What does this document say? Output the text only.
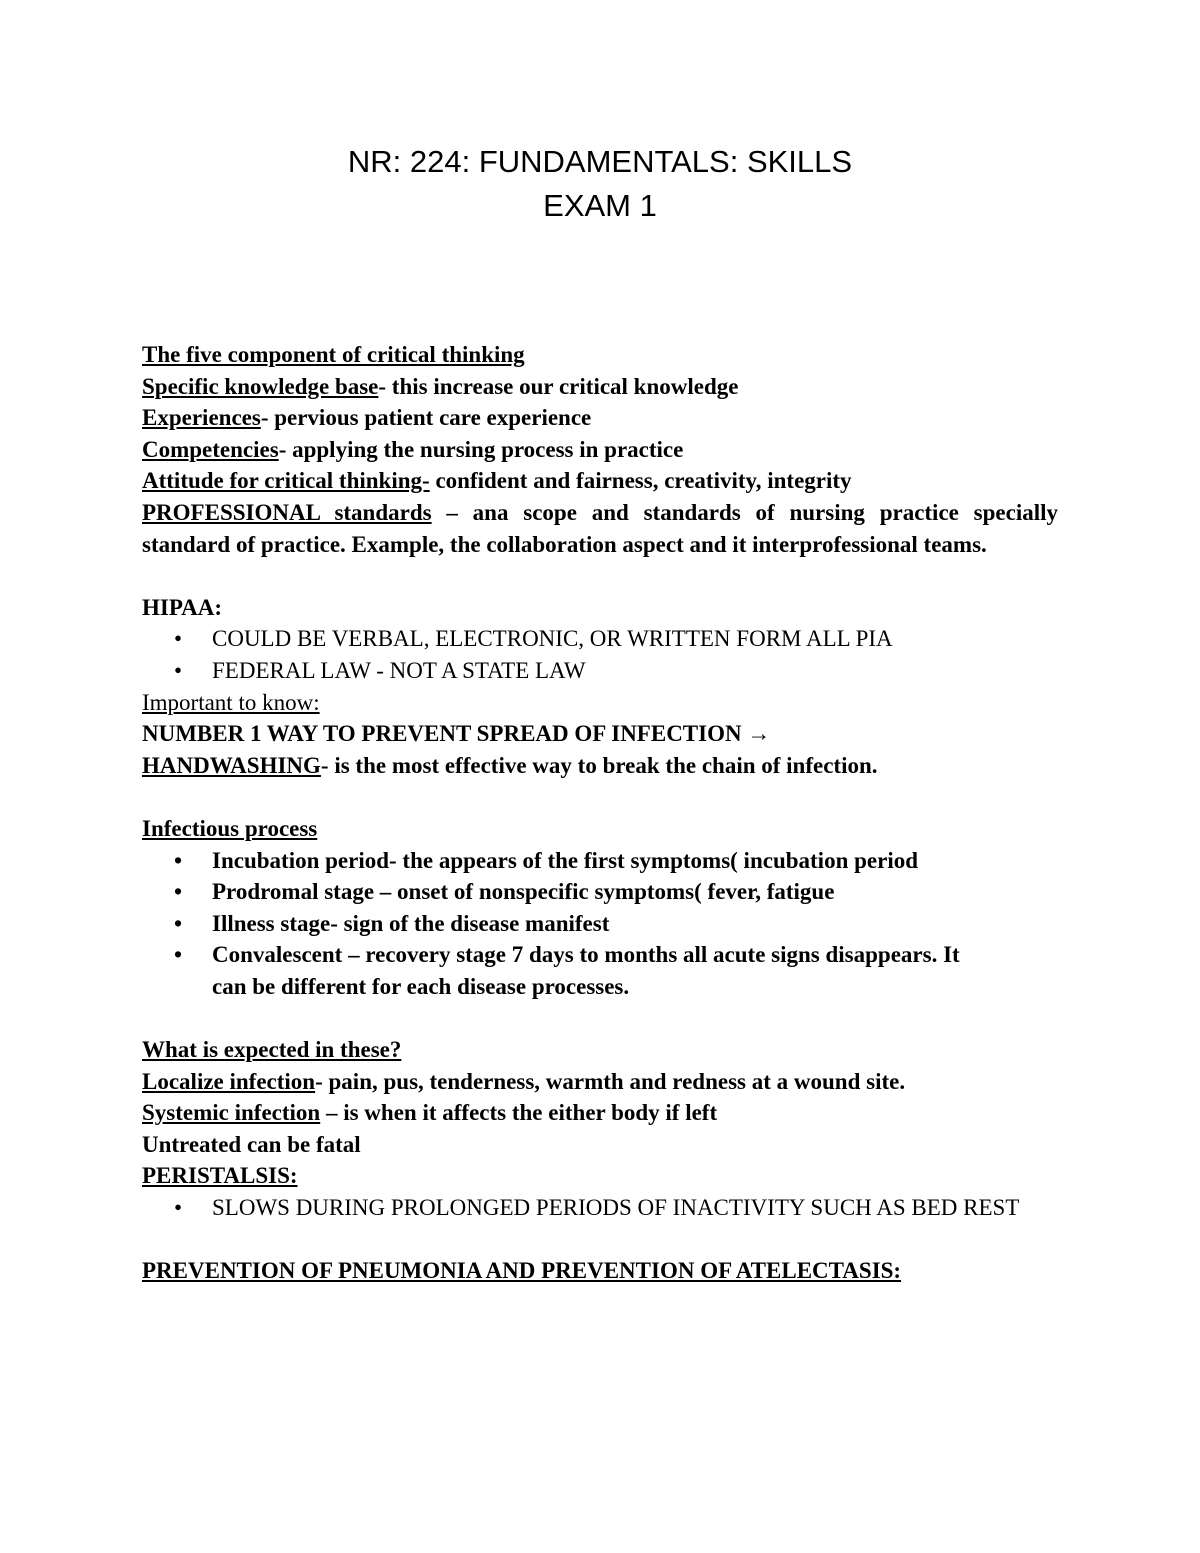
NR: 224: FUNDAMENTALS: SKILLS
EXAM 1
The five component of critical thinking
Specific knowledge base- this increase our critical knowledge
Experiences- pervious patient care experience
Competencies- applying the nursing process in practice
Attitude for critical thinking- confident and fairness, creativity, integrity
PROFESSIONAL standards – ana scope and standards of nursing practice specially standard of practice. Example, the collaboration aspect and it interprofessional teams.
HIPAA:
• COULD BE VERBAL, ELECTRONIC, OR WRITTEN FORM ALL PIA
• FEDERAL LAW - NOT A STATE LAW
Important to know:
NUMBER 1 WAY TO PREVENT SPREAD OF INFECTION →
HANDWASHING- is the most effective way to break the chain of infection.
Infectious process
• Incubation period- the appears of the first symptoms( incubation period
• Prodromal stage – onset of nonspecific symptoms( fever, fatigue
• Illness stage- sign of the disease manifest
• Convalescent – recovery stage 7 days to months all acute signs disappears. It can be different for each disease processes.
What is expected in these?
Localize infection- pain, pus, tenderness, warmth and redness at a wound site.
Systemic infection – is when it affects the either body if left
Untreated can be fatal
PERISTALSIS:
• SLOWS DURING PROLONGED PERIODS OF INACTIVITY SUCH AS BED REST
PREVENTION OF PNEUMONIA AND PREVENTION OF ATELECTASIS:
